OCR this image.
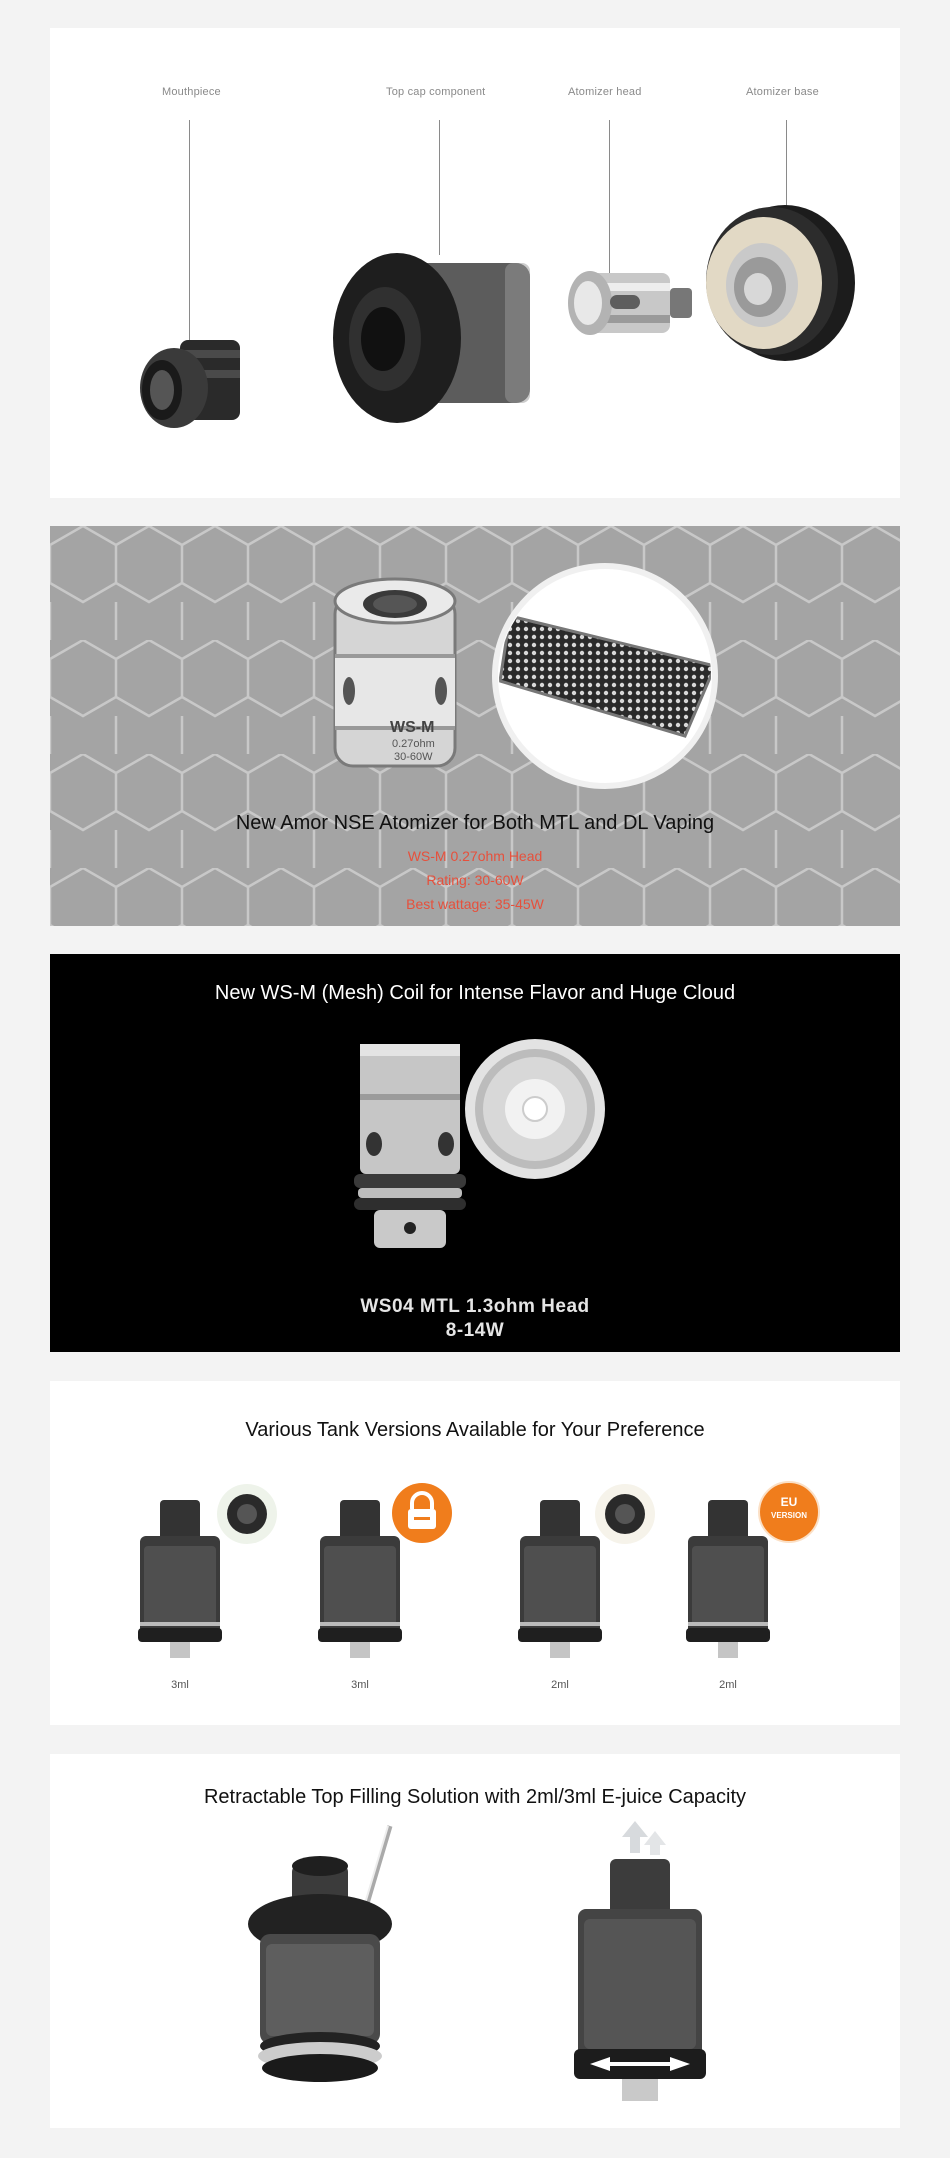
Mouthpiece	Top cap component	Atomizer head	Atomizer base
WS-M
0.27ohm
30-60W
New Amor NSE Atomizer for Both MTL and DL Vaping
WS-M 0.27ohm Head
Rating: 30-60W
Best wattage: 35-45W
New WS-M (Mesh) Coil for Intense Flavor and Huge Cloud
WS04 MTL 1.3ohm Head
8-14W
Various Tank Versions Available for Your Preference
3ml	3ml	2ml
EU
VERSION
2ml
Retractable Top Filling Solution with 2ml/3ml E-juice Capacity
